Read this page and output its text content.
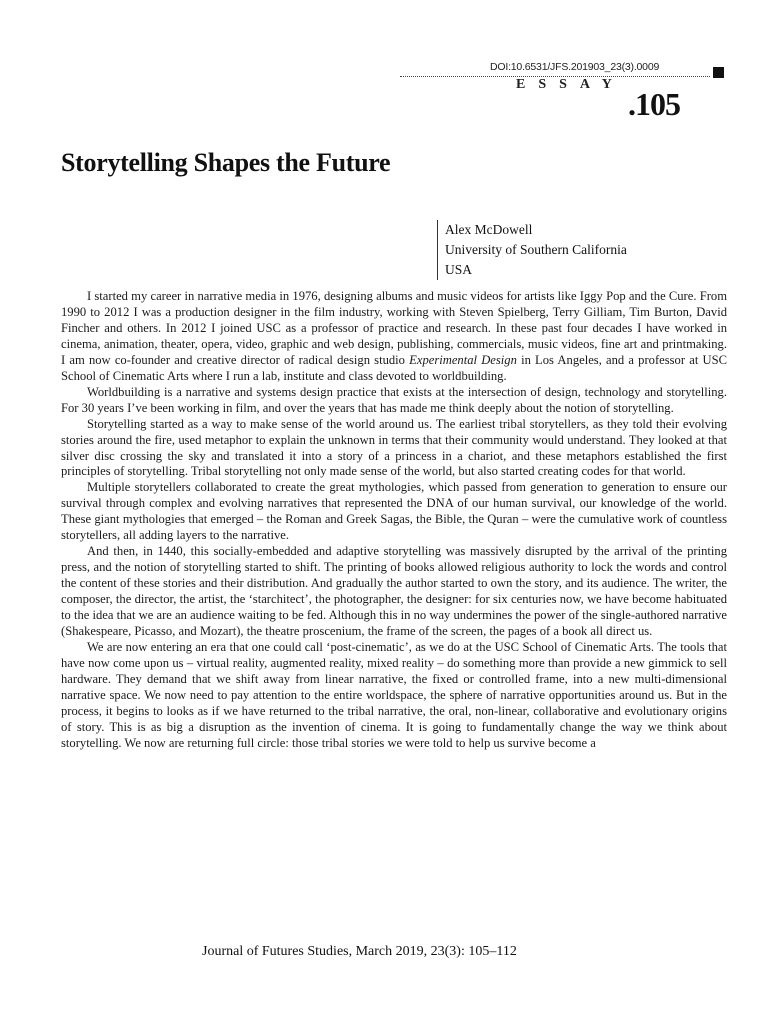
DOI:10.6531/JFS.201903_23(3).0009
ESSAY
.105
Storytelling Shapes the Future
Alex McDowell
University of Southern California
USA

I started my career in narrative media in 1976, designing albums and music videos for artists like Iggy Pop and the Cure. From 1990 to 2012 I was a production designer in the film industry, working with Steven Spielberg, Terry Gilliam, Tim Burton, David Fincher and others. In 2012 I joined USC as a professor of practice and research. In these past four decades I have worked in cinema, animation, theater, opera, video, graphic and web design, publishing, commercials, music videos, fine art and printmaking. I am now co-founder and creative director of radical design studio Experimental Design in Los Angeles, and a professor at USC School of Cinematic Arts where I run a lab, institute and class devoted to worldbuilding.

Worldbuilding is a narrative and systems design practice that exists at the intersection of design, technology and storytelling. For 30 years I’ve been working in film, and over the years that has made me think deeply about the notion of storytelling.

Storytelling started as a way to make sense of the world around us. The earliest tribal storytellers, as they told their evolving stories around the fire, used metaphor to explain the unknown in terms that their community would understand. They looked at that silver disc crossing the sky and translated it into a story of a princess in a chariot, and these metaphors established the first principles of storytelling. Tribal storytelling not only made sense of the world, but also started creating codes for that world.

Multiple storytellers collaborated to create the great mythologies, which passed from generation to generation to ensure our survival through complex and evolving narratives that represented the DNA of our human survival, our knowledge of the world. These giant mythologies that emerged – the Roman and Greek Sagas, the Bible, the Quran – were the cumulative work of countless storytellers, all adding layers to the narrative.

And then, in 1440, this socially-embedded and adaptive storytelling was massively disrupted by the arrival of the printing press, and the notion of storytelling started to shift. The printing of books allowed religious authority to lock the words and control the content of these stories and their distribution. And gradually the author started to own the story, and its audience. The writer, the composer, the director, the artist, the ‘starchitect’, the photographer, the designer: for six centuries now, we have become habituated to the idea that we are an audience waiting to be fed. Although this in no way undermines the power of the single-authored narrative (Shakespeare, Picasso, and Mozart), the theatre proscenium, the frame of the screen, the pages of a book all direct us.

We are now entering an era that one could call ‘post-cinematic’, as we do at the USC School of Cinematic Arts. The tools that have now come upon us – virtual reality, augmented reality, mixed reality – do something more than provide a new gimmick to sell hardware. They demand that we shift away from linear narrative, the fixed or controlled frame, into a new multi-dimensional narrative space. We now need to pay attention to the entire worldspace, the sphere of narrative opportunities around us. But in the process, it begins to looks as if we have returned to the tribal narrative, the oral, non-linear, collaborative and evolutionary origins of story. This is as big a disruption as the invention of cinema. It is going to fundamentally change the way we think about storytelling. We now are returning full circle: those tribal stories we were told to help us survive become a

Journal of Futures Studies, March 2019, 23(3): 105–112
